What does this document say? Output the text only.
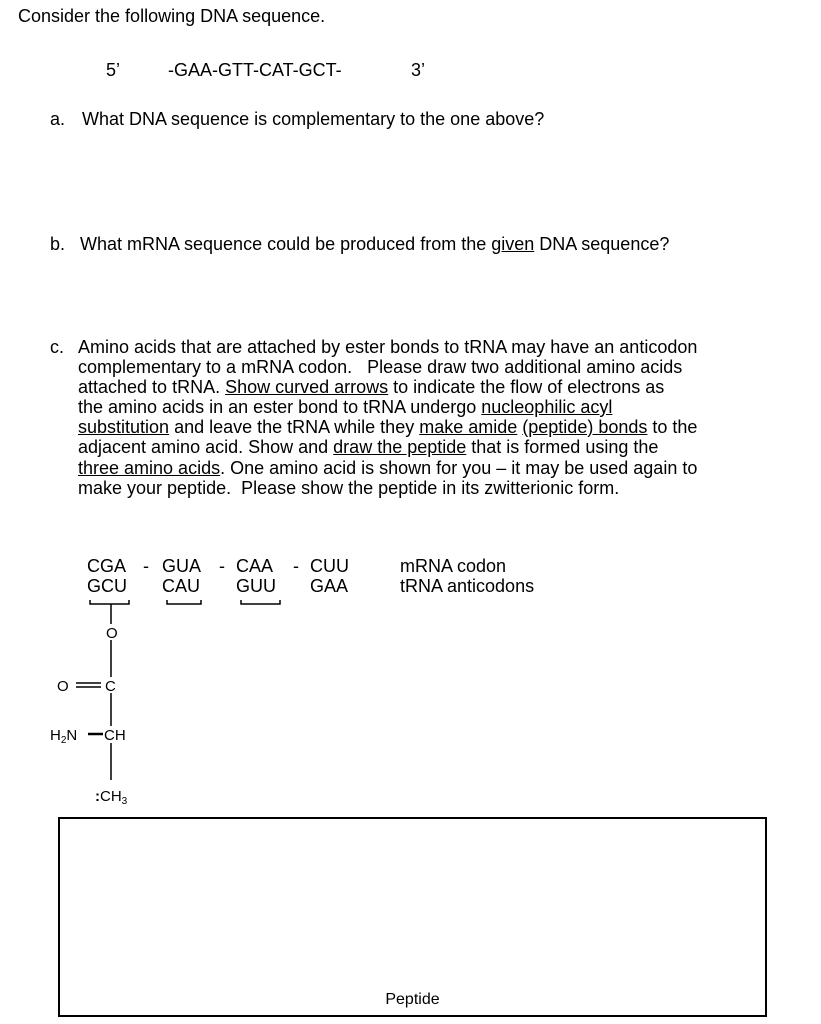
Consider the following DNA sequence.
5’	-GAA-GTT-CAT-GCT-	3’
a. What DNA sequence is complementary to the one above?
b. What mRNA sequence could be produced from the given DNA sequence?
c. Amino acids that are attached by ester bonds to tRNA may have an anticodon
complementary to a mRNA codon.   Please draw two additional amino acids
attached to tRNA. Show curved arrows to indicate the flow of electrons as
the amino acids in an ester bond to tRNA undergo nucleophilic acyl
substitution and leave the tRNA while they make amide (peptide) bonds to the
adjacent amino acid. Show and draw the peptide that is formed using the
three amino acids. One amino acid is shown for you – it may be used again to
make your peptide.  Please show the peptide in its zwitterionic form.
CGA - GUA - CAA - CUU
GCU CAU GUU GAA
mRNA codon
tRNA anticodons
O
O C
$H_2N$ CH
$:CH_3$
Peptide
